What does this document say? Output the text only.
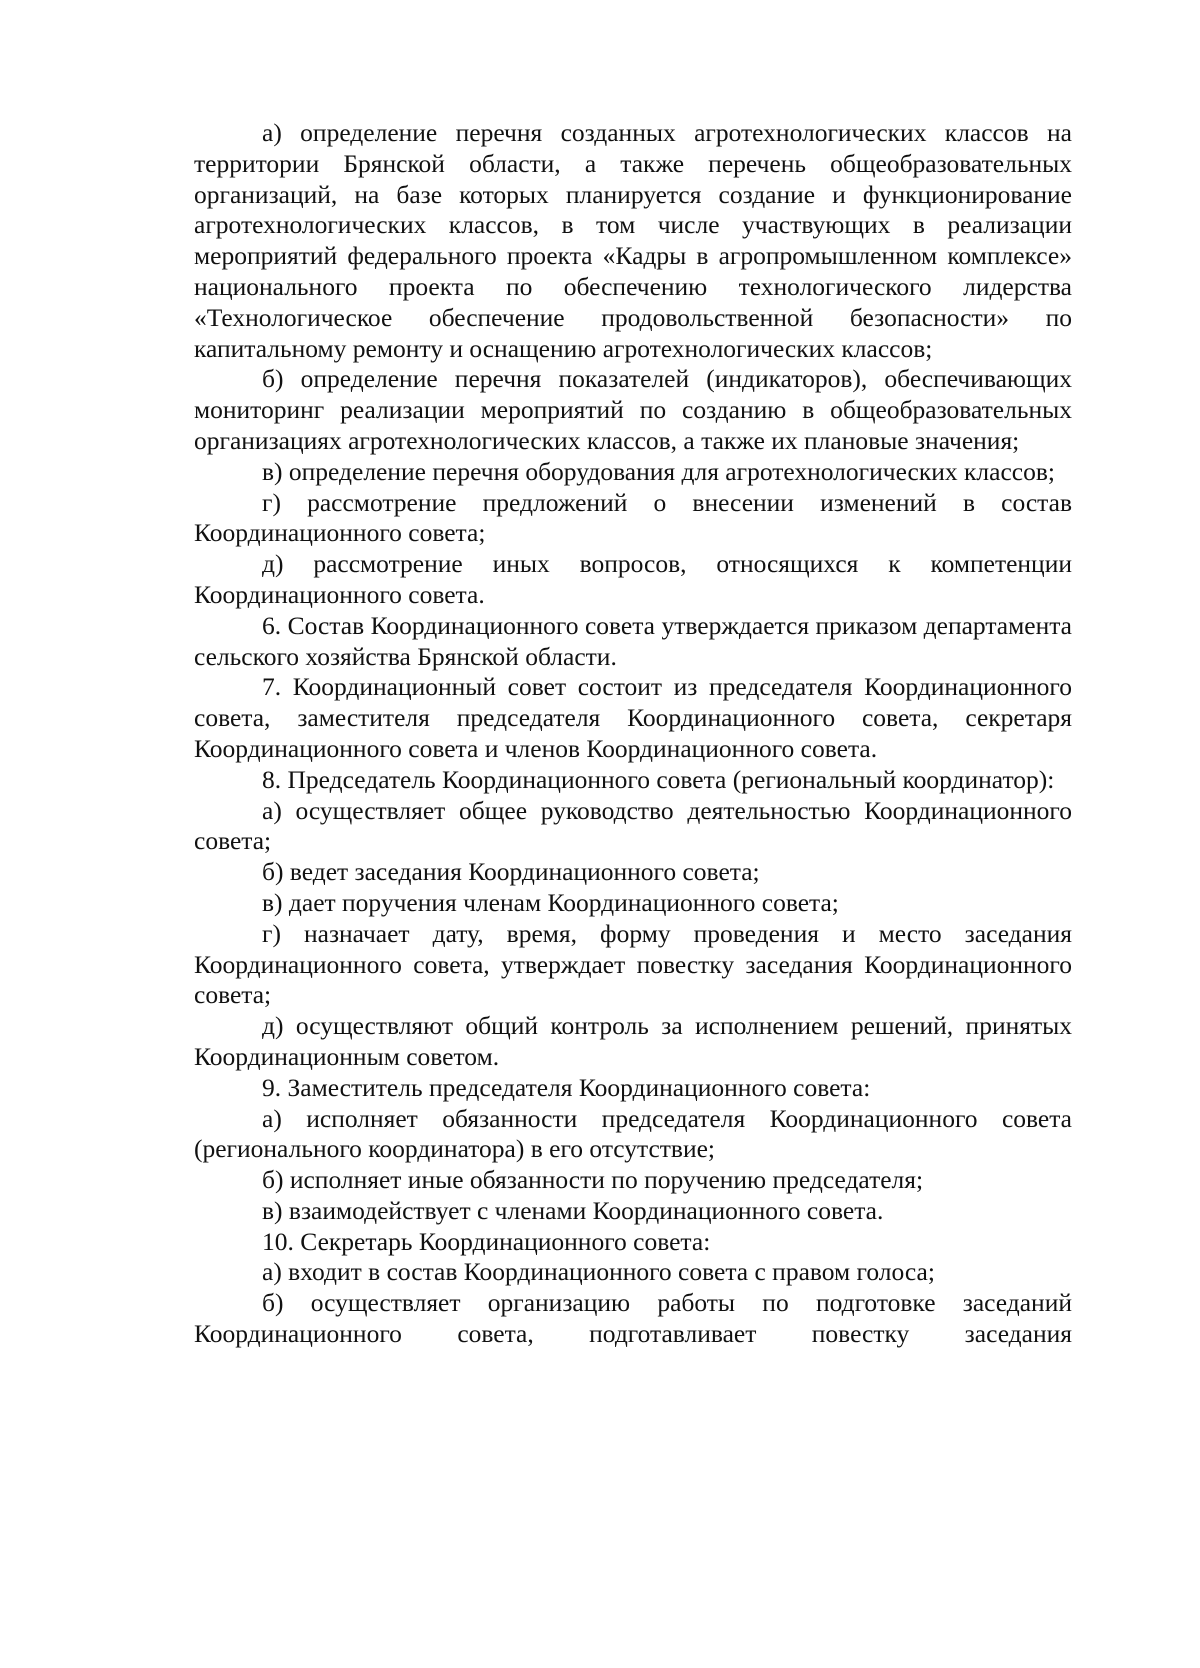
а) определение перечня созданных агротехнологических классов на территории Брянской области, а также перечень общеобразовательных организаций, на базе которых планируется создание и функционирование агротехнологических классов, в том числе участвующих в реализации мероприятий федерального проекта «Кадры в агропромышленном комплексе» национального проекта по обеспечению технологического лидерства «Технологическое обеспечение продовольственной безопасности» по капитальному ремонту и оснащению агротехнологических классов;

б) определение перечня показателей (индикаторов), обеспечивающих мониторинг реализации мероприятий по созданию в общеобразовательных организациях агротехнологических классов, а также их плановые значения;

в) определение перечня оборудования для агротехнологических классов;

г) рассмотрение предложений о внесении изменений в состав Координационного совета;

д) рассмотрение иных вопросов, относящихся к компетенции Координационного совета.

6. Состав Координационного совета утверждается приказом департамента сельского хозяйства Брянской области.

7. Координационный совет состоит из председателя Координационного совета, заместителя председателя Координационного совета, секретаря Координационного совета и членов Координационного совета.

8. Председатель Координационного совета (региональный координатор):

а) осуществляет общее руководство деятельностью Координационного совета;

б) ведет заседания Координационного совета;

в) дает поручения членам Координационного совета;

г) назначает дату, время, форму проведения и место заседания Координационного совета, утверждает повестку заседания Координационного совета;

д) осуществляют общий контроль за исполнением решений, принятых Координационным советом.

9. Заместитель председателя Координационного совета:

а) исполняет обязанности председателя Координационного совета (регионального координатора) в его отсутствие;

б) исполняет иные обязанности по поручению председателя;

в) взаимодействует с членами Координационного совета.

10. Секретарь Координационного совета:

а) входит в состав Координационного совета с правом голоса;

б) осуществляет организацию работы по подготовке заседаний Координационного совета, подготавливает повестку заседания
